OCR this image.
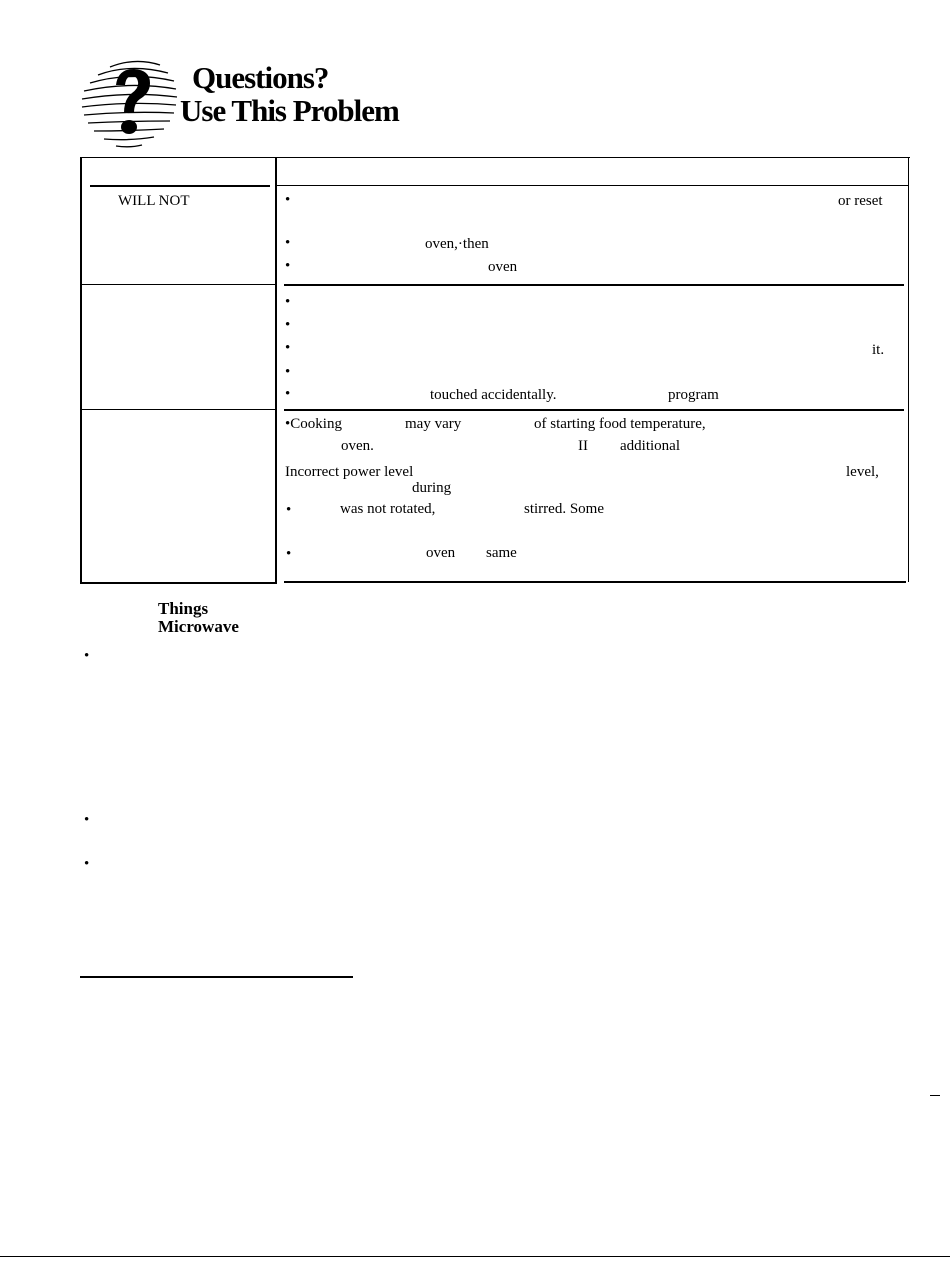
Questions?
Use This Problem
WILL NOT	•	or reset
•	oven,·then
•	oven
•
•
•	it.
•
•	touched accidentally.	program
•Cooking	may vary	of starting food temperature,
oven.	II additional
Incorrect power level	level,
during
•	was not rotated,	stirred. Some
•	oven same
Things
Microwave
•
•
•
